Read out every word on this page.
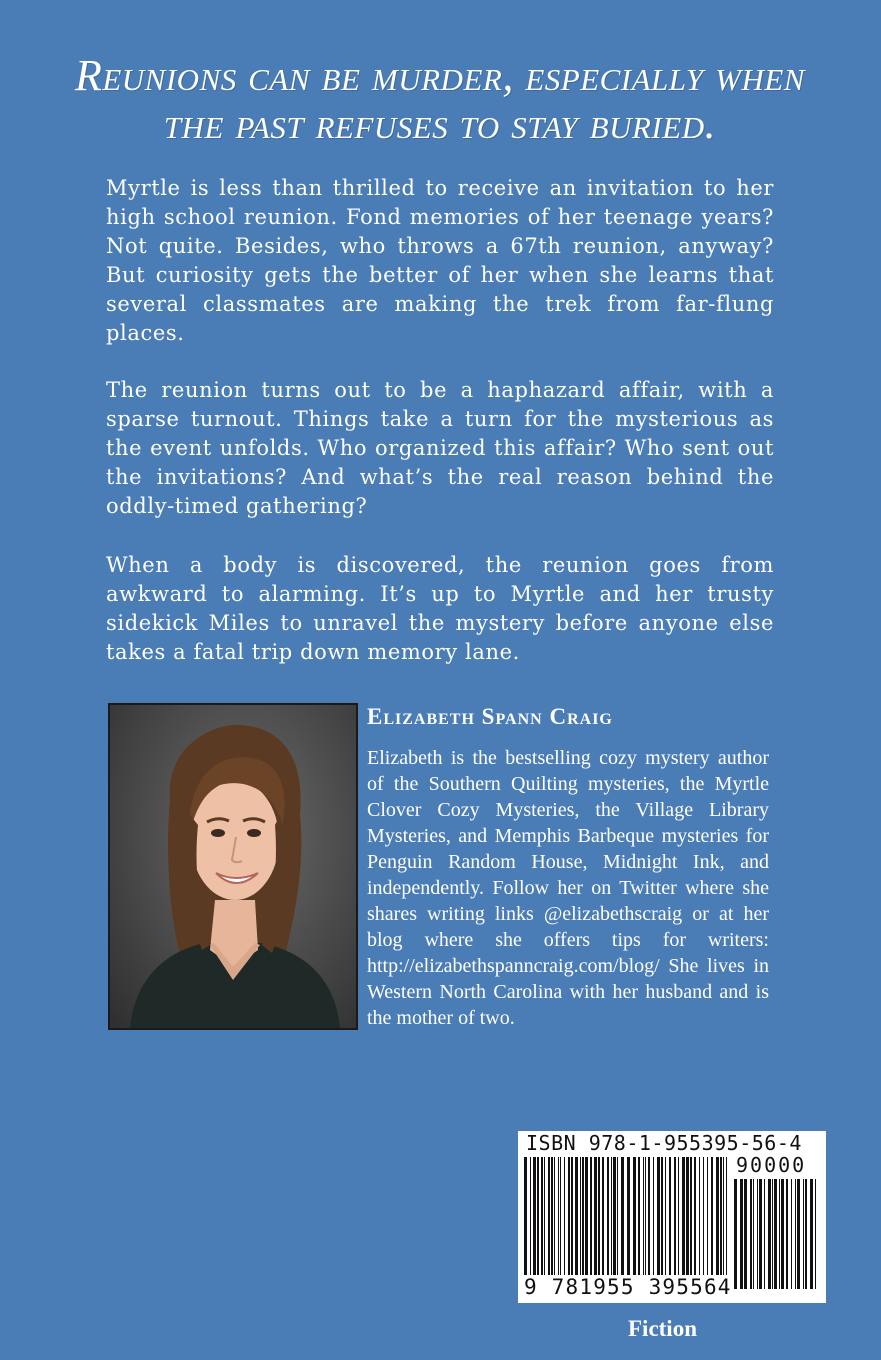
Reunions can be murder, especially when the past refuses to stay buried.

Myrtle is less than thrilled to receive an invitation to her high school reunion. Fond memories of her teenage years? Not quite. Besides, who throws a 67th reunion, anyway? But curiosity gets the better of her when she learns that several classmates are making the trek from far-flung places.

The reunion turns out to be a haphazard affair, with a sparse turnout. Things take a turn for the mysterious as the event unfolds. Who organized this affair? Who sent out the invitations? And what’s the real reason behind the oddly-timed gathering?

When a body is discovered, the reunion goes from awkward to alarming. It’s up to Myrtle and her trusty sidekick Miles to unravel the mystery before anyone else takes a fatal trip down memory lane.

Elizabeth Spann Craig

Elizabeth is the bestselling cozy mystery author of the Southern Quilting mysteries, the Myrtle Clover Cozy Mysteries, the Village Library Mysteries, and Memphis Barbeque mysteries for Penguin Random House, Midnight Ink, and independently. Follow her on Twitter where she shares writing links @elizabethscraig or at her blog where she offers tips for writers: http://elizabethspanncraig.com/blog/ She lives in Western North Carolina with her husband and is the mother of two.

ISBN 978-1-955395-56-4
90000
9 781955 395564
Fiction
